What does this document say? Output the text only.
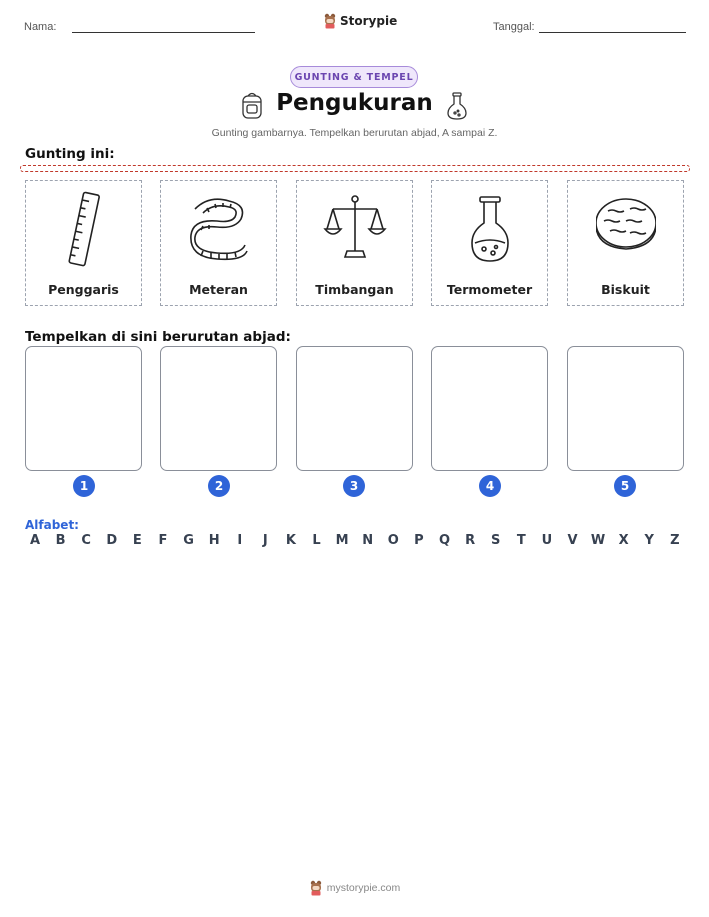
Nama:	Storypie	Tanggal:
GUNTING & TEMPEL
Pengukuran
Gunting gambarnya. Tempelkan berurutan abjad, A sampai Z.
Gunting ini:
Penggaris	Meteran	Timbangan	Termometer	Biskuit
Tempelkan di sini berurutan abjad:
1	2	3	4	5
Alfabet:
A	B	C	D	E	F	G	H	I	J	K	L	M	N	O	P	Q	R	S	T	U	V	W	X	Y	Z
mystorypie.com
